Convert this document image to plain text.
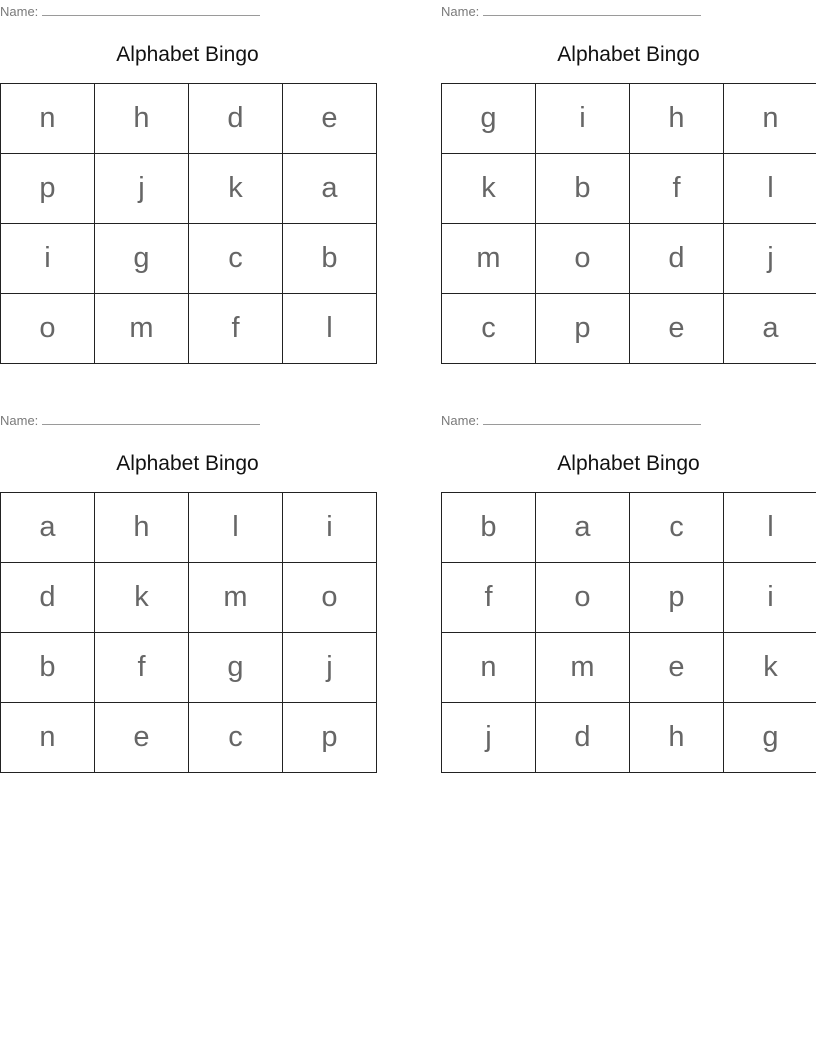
Name:
Alphabet Bingo
n	h	d	e
p	j	k	a
i	g	c	b
o	m	f	l
Name:
Alphabet Bingo
g	i	h	n
k	b	f	l
m	o	d	j
c	p	e	a
Name:
Alphabet Bingo
a	h	l	i
d	k	m	o
b	f	g	j
n	e	c	p
Name:
Alphabet Bingo
b	a	c	l
f	o	p	i
n	m	e	k
j	d	h	g
